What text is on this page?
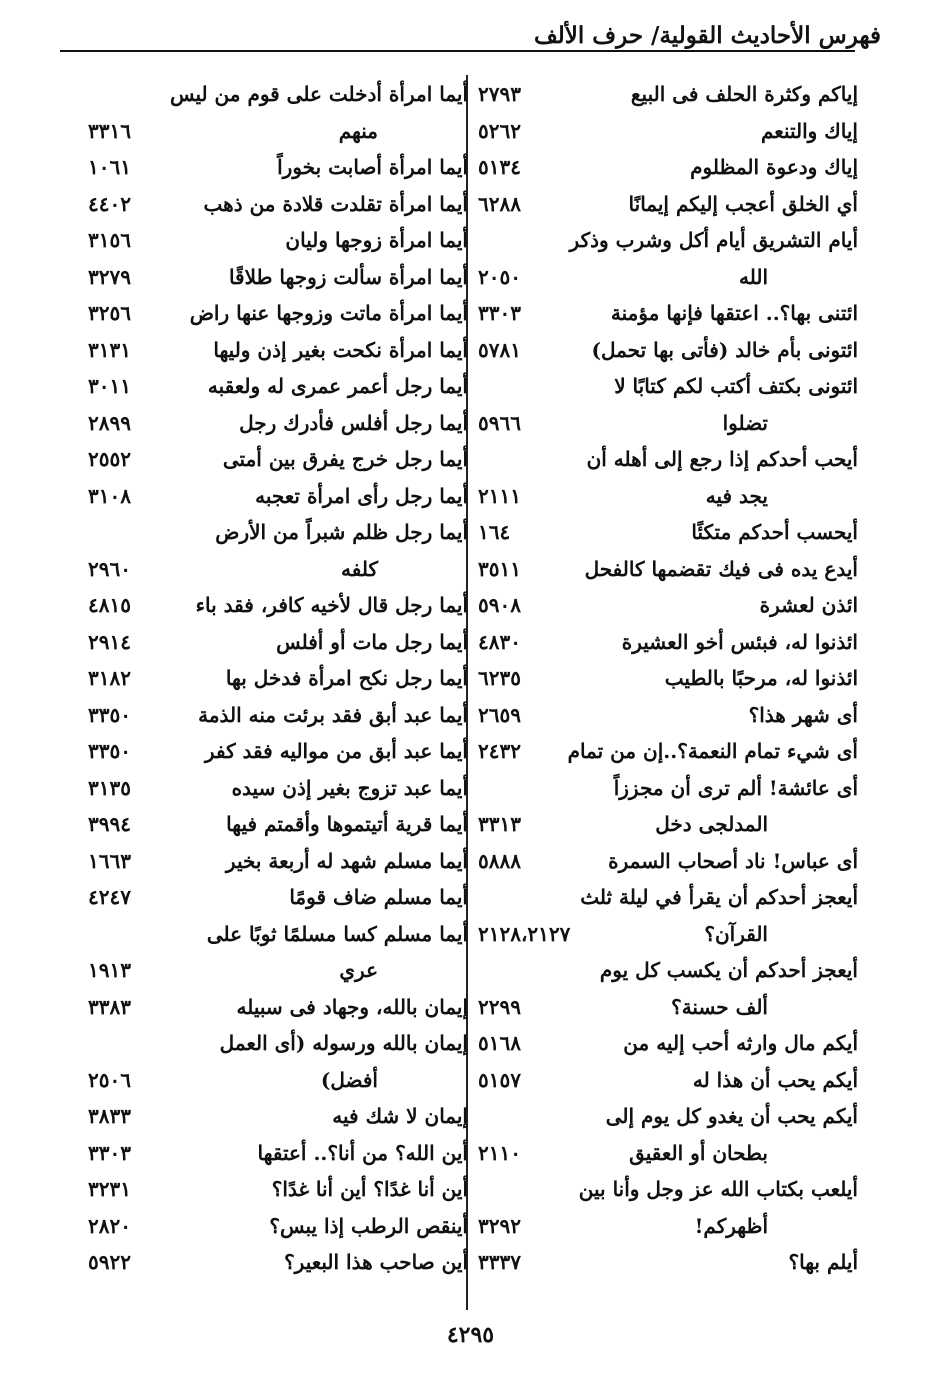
فهرس الأحاديث القولية/ حرف الألف
إياكم وكثرة الحلف فى البيع
٢٧٩٣
إياك والتنعم
٥٢٦٢
إياك ودعوة المظلوم
٥١٣٤
أي الخلق أعجب إليكم إيمانًا
٦٢٨٨
أيام التشريق أيام أكل وشرب وذكر
الله
٢٠٥٠
ائتنى بها؟.. اعتقها فإنها مؤمنة
٣٣٠٣
ائتونى بأم خالد (فأتى بها تحمل)
٥٧٨١
ائتونى بكتف أكتب لكم كتابًا لا
تضلوا
٥٩٦٦
أيحب أحدكم إذا رجع إلى أهله أن
يجد فيه
٢١١١
أيحسب أحدكم متكئًا
١٦٤
أيدع يده فى فيك تقضمها كالفحل
٣٥١١
ائذن لعشرة
٥٩٠٨
ائذنوا له، فبئس أخو العشيرة
٤٨٣٠
ائذنوا له، مرحبًا بالطيب
٦٢٣٥
أى شهر هذا؟
٢٦٥٩
أى شيء تمام النعمة؟..إن من تمام
٢٤٣٢
أى عائشة! ألم ترى أن مجززاً
المدلجى دخل
٣٣١٣
أى عباس! ناد أصحاب السمرة
٥٨٨٨
أيعجز أحدكم أن يقرأ في ليلة ثلث
القرآن؟
٢١٢٨،٢١٢٧
أيعجز أحدكم أن يكسب كل يوم
ألف حسنة؟
٢٢٩٩
أيكم مال وارثه أحب إليه من
٥١٦٨
أيكم يحب أن هذا له
٥١٥٧
أيكم يحب أن يغدو كل يوم إلى
بطحان أو العقيق
٢١١٠
أيلعب بكتاب الله عز وجل وأنا بين
أظهركم!
٣٢٩٢
أيلم بها؟
٣٣٣٧
أيما امرأة أدخلت على قوم من ليس
منهم
٣٣١٦
أيما امرأة أصابت بخوراً
١٠٦١
أيما امرأة تقلدت قلادة من ذهب
٤٤٠٢
أيما امرأة زوجها وليان
٣١٥٦
أيما امرأة سألت زوجها طلاقًا
٣٢٧٩
أيما امرأة ماتت وزوجها عنها راض
٣٢٥٦
أيما امرأة نكحت بغير إذن وليها
٣١٣١
أيما رجل أعمر عمرى له ولعقبه
٣٠١١
أيما رجل أفلس فأدرك رجل
٢٨٩٩
أيما رجل خرج يفرق بين أمتى
٢٥٥٢
أيما رجل رأى امرأة تعجبه
٣١٠٨
أيما رجل ظلم شبراً من الأرض
كلفه
٢٩٦٠
أيما رجل قال لأخيه كافر، فقد باء
٤٨١٥
أيما رجل مات أو أفلس
٢٩١٤
أيما رجل نكح امرأة فدخل بها
٣١٨٢
أيما عبد أبق فقد برئت منه الذمة
٣٣٥٠
أيما عبد أبق من مواليه فقد كفر
٣٣٥٠
أيما عبد تزوج بغير إذن سيده
٣١٣٥
أيما قرية أتيتموها وأقمتم فيها
٣٩٩٤
أيما مسلم شهد له أربعة بخير
١٦٦٣
أيما مسلم ضاف قومًا
٤٢٤٧
أيما مسلم كسا مسلمًا ثوبًا على
عري
١٩١٣
إيمان بالله، وجهاد فى سبيله
٣٣٨٣
إيمان بالله ورسوله (أى العمل
أفضل)
٢٥٠٦
إيمان لا شك فيه
٣٨٣٣
أين الله؟ من أنا؟.. أعتقها
٣٣٠٣
أين أنا غدًا؟ أين أنا غدًا؟
٣٢٣١
أينقص الرطب إذا يبس؟
٢٨٢٠
أين صاحب هذا البعير؟
٥٩٢٢
٤٢٩٥
